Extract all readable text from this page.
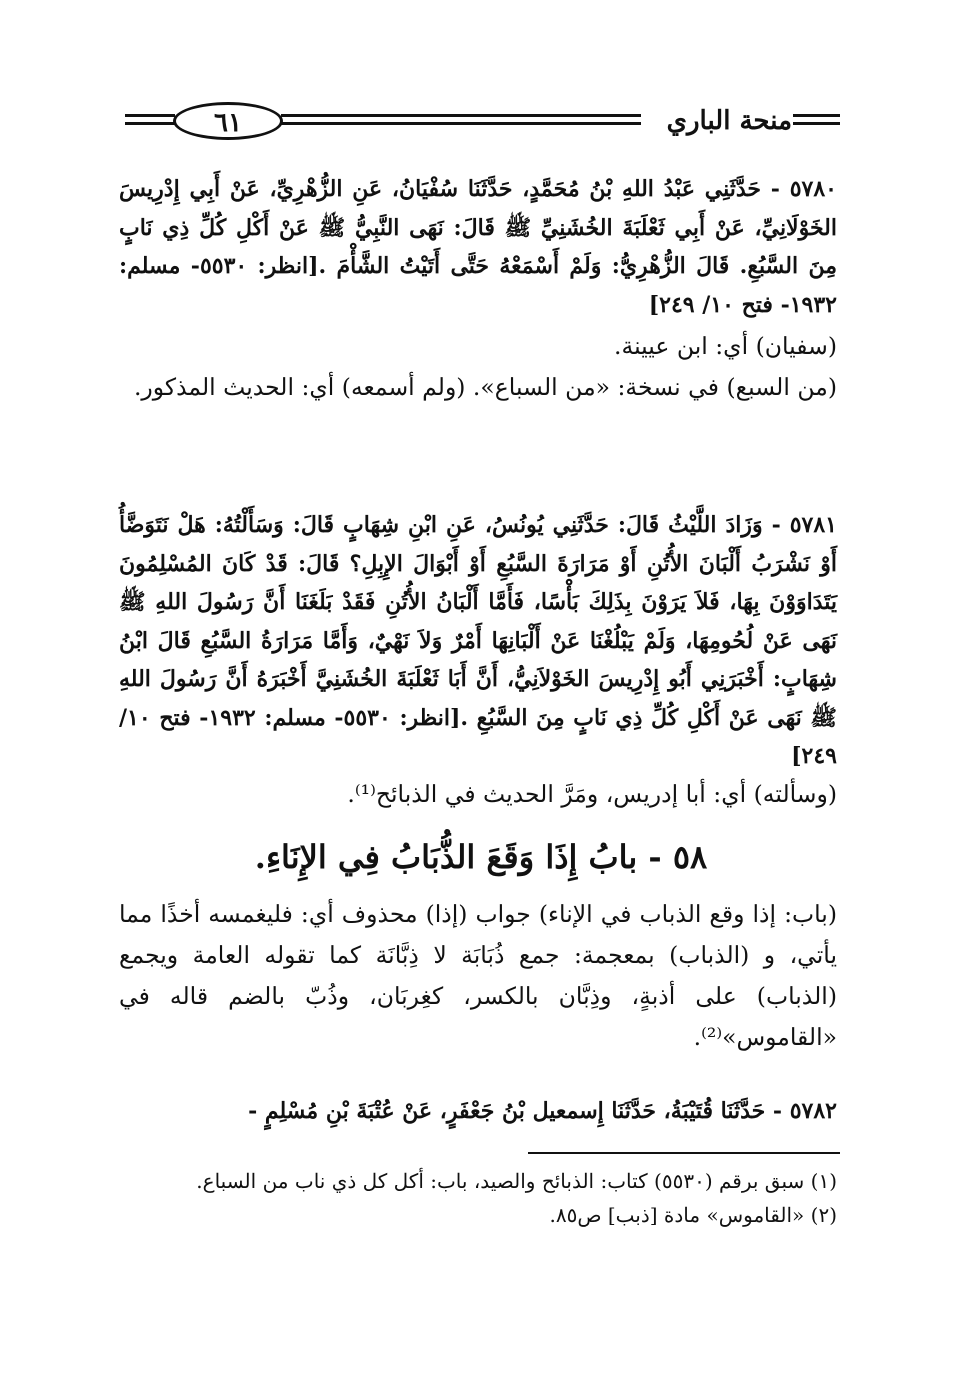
٦١	منحة الباري

٥٧٨٠ - حَدَّثَنِي عَبْدُ اللهِ بْنُ مُحَمَّدٍ، حَدَّثَنَا سُفْيَانُ، عَنِ الزُّهْرِيِّ، عَنْ أَبِي إِدْرِيسَ الخَوْلَانِيِّ، عَنْ أَبِي ثَعْلَبَةَ الخُشَنِيِّ ﷺ قَالَ: نَهَى النَّبِيُّ ﷺ عَنْ أَكْلِ كُلِّ ذِي نَابٍ مِنَ السَّبُعِ. قَالَ الزُّهْرِيُّ: وَلَمْ أَسْمَعْهُ حَتَّى أَتَيْتُ الشَّأْمَ .[انظر: ٥٥٣٠- مسلم: ١٩٣٢- فتح ١٠/ ٢٤٩]

(سفيان) أي: ابن عيينة.

(من السبع) في نسخة: «من السباع». (ولم أسمعه) أي: الحديث المذكور.

٥٧٨١ - وَزَادَ اللَّيْثُ قَالَ: حَدَّثَنِي يُونُسُ، عَنِ ابْنِ شِهَابٍ قَالَ: وَسَأَلْتُهُ: هَلْ نَتَوَضَّأُ أَوْ نَشْرَبُ أَلْبَانَ الأُتُنِ أَوْ مَرَارَةَ السَّبُعِ أَوْ أَبْوَالَ الإِبِلِ؟ قَالَ: قَدْ كَانَ المُسْلِمُونَ يَتَدَاوَوْنَ بِهَا، فَلاَ يَرَوْنَ بِذَلِكَ بَأْسًا، فَأَمَّا أَلْبَانُ الأُتُنِ فَقَدْ بَلَغَنَا أَنَّ رَسُولَ اللهِ ﷺ نَهَى عَنْ لُحُومِهَا، وَلَمْ يَبْلُغْنَا عَنْ أَلْبَانِهَا أَمْرٌ وَلاَ نَهْيٌ، وَأَمَّا مَرَارَةُ السَّبُعِ قَالَ ابْنُ شِهَابٍ: أَخْبَرَنِي أَبُو إِدْرِيسَ الخَوْلاَنِيُّ، أَنَّ أَبَا ثَعْلَبَةَ الخُشَنِيَّ أَخْبَرَهُ أَنَّ رَسُولَ اللهِ ﷺ نَهَى عَنْ أَكْلِ كُلِّ ذِي نَابٍ مِنَ السَّبُعِ .[انظر: ٥٥٣٠- مسلم: ١٩٣٢- فتح ١٠/ ٢٤٩]

(وسألته) أي: أبا إدريس، ومَرَّ الحديث في الذبائح⁽¹⁾.

٥٨ - بابُ إِذَا وَقَعَ الذُّبَابُ فِي الإِنَاءِ.

(باب: إذا وقع الذباب في الإناء) جواب (إذا) محذوف أي: فليغمسه أخذًا مما يأتي، و (الذباب) بمعجمة: جمع ذُبَابَة لا ذِبَّانَة كما تقوله العامة ويجمع (الذباب) على أذبةٍ، وذِبَّان بالكسر، كغِربَان، وذُبّ بالضم قاله في «القاموس»⁽²⁾.

٥٧٨٢ - حَدَّثَنَا قُتَيْبَةُ، حَدَّثَنَا إِسمعيل بْنُ جَعْفَرٍ، عَنْ عُتْبَةَ بْنِ مُسْلِمٍ -

(١) سبق برقم (٥٥٣٠) كتاب: الذبائح والصيد، باب: أكل كل ذي ناب من السباع.

(٢) «القاموس» مادة [ذبب] ص٨٥.
